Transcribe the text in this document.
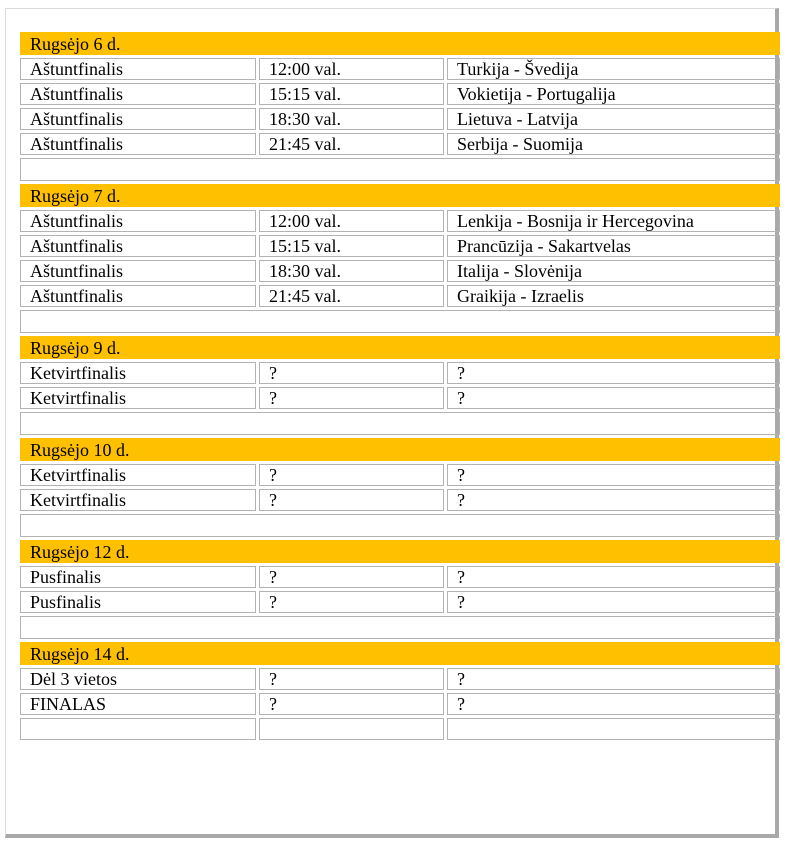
Rugsėjo 6 d.				
Aštuntfinalis		12:00 val.		Turkija - Švedija
Aštuntfinalis		15:15 val.		Vokietija - Portugalija
Aštuntfinalis		18:30 val.		Lietuva - Latvija
Aštuntfinalis		21:45 val.		Serbija - Suomija

Rugsėjo 7 d.				
Aštuntfinalis		12:00 val.		Lenkija - Bosnija ir Hercegovina
Aštuntfinalis		15:15 val.		Prancūzija - Sakartvelas
Aštuntfinalis		18:30 val.		Italija - Slovėnija
Aštuntfinalis		21:45 val.		Graikija - Izraelis

Rugsėjo 9 d.				
Ketvirtfinalis		?		?
Ketvirtfinalis		?		?

Rugsėjo 10 d.				
Ketvirtfinalis		?		?
Ketvirtfinalis		?		?

Rugsėjo 12 d.				
Pusfinalis		?		?
Pusfinalis		?		?

Rugsėjo 14 d.				
Dėl 3 vietos		?		?
FINALAS		?		?
